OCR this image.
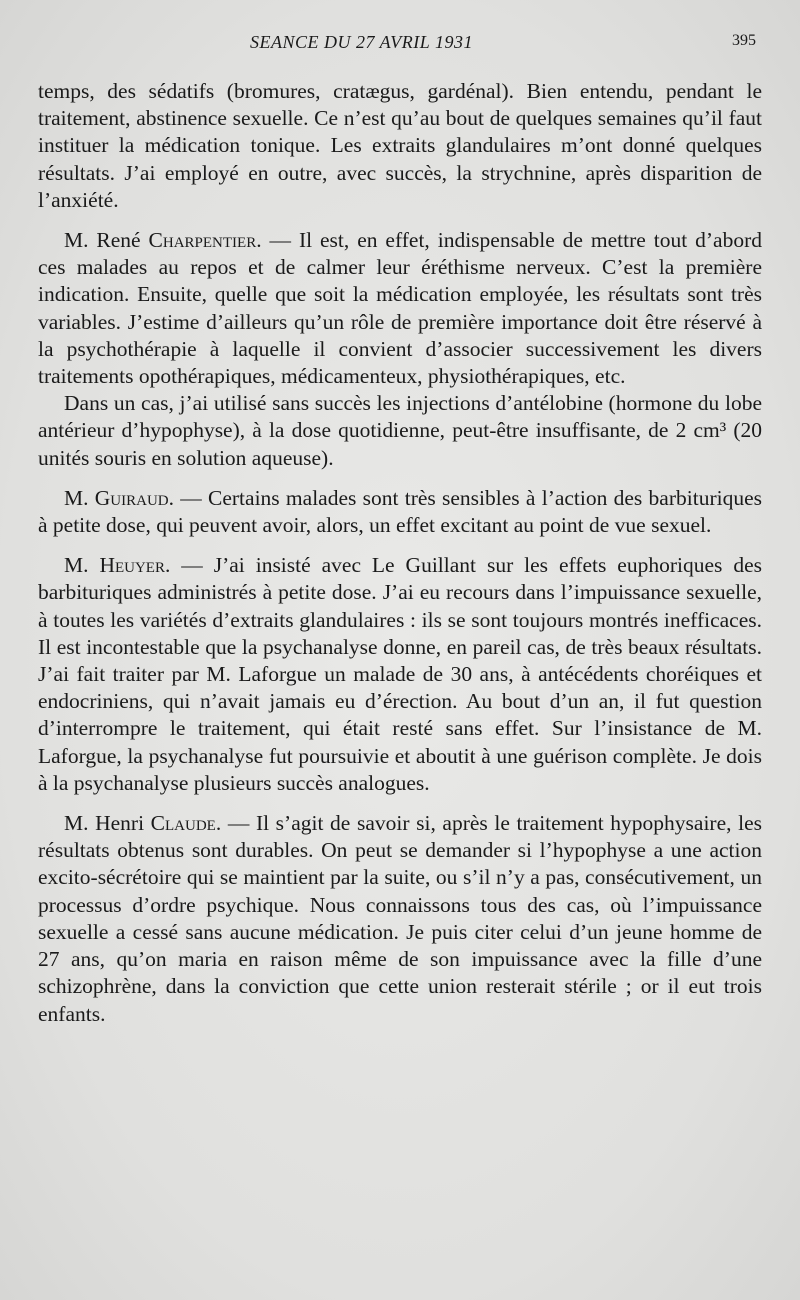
SEANCE DU 27 AVRIL 1931	395

temps, des sédatifs (bromures, cratægus, gardénal). Bien entendu, pendant le traitement, abstinence sexuelle. Ce n’est qu’au bout de quelques semaines qu’il faut instituer la médication tonique. Les extraits glandulaires m’ont donné quelques résultats. J’ai employé en outre, avec succès, la strychnine, après disparition de l’anxiété.

M. René Charpentier. — Il est, en effet, indispensable de mettre tout d’abord ces malades au repos et de calmer leur éréthisme nerveux. C’est la première indication. Ensuite, quelle que soit la médication employée, les résultats sont très variables. J’estime d’ailleurs qu’un rôle de première importance doit être réservé à la psychothérapie à laquelle il convient d’associer successivement les divers traitements opothérapiques, médicamenteux, physiothérapiques, etc.

Dans un cas, j’ai utilisé sans succès les injections d’antélobine (hormone du lobe antérieur d’hypophyse), à la dose quotidienne, peut-être insuffisante, de 2 cm³ (20 unités souris en solution aqueuse).

M. Guiraud. — Certains malades sont très sensibles à l’action des barbituriques à petite dose, qui peuvent avoir, alors, un effet excitant au point de vue sexuel.

M. Heuyer. — J’ai insisté avec Le Guillant sur les effets euphoriques des barbituriques administrés à petite dose. J’ai eu recours dans l’impuissance sexuelle, à toutes les variétés d’extraits glandulaires : ils se sont toujours montrés inefficaces. Il est incontestable que la psychanalyse donne, en pareil cas, de très beaux résultats. J’ai fait traiter par M. Laforgue un malade de 30 ans, à antécédents choréiques et endocriniens, qui n’avait jamais eu d’érection. Au bout d’un an, il fut question d’interrompre le traitement, qui était resté sans effet. Sur l’insistance de M. Laforgue, la psychanalyse fut poursuivie et aboutit à une guérison complète. Je dois à la psychanalyse plusieurs succès analogues.

M. Henri Claude. — Il s’agit de savoir si, après le traitement hypophysaire, les résultats obtenus sont durables. On peut se demander si l’hypophyse a une action excito-sécrétoire qui se maintient par la suite, ou s’il n’y a pas, consécutivement, un processus d’ordre psychique. Nous connaissons tous des cas, où l’impuissance sexuelle a cessé sans aucune médication. Je puis citer celui d’un jeune homme de 27 ans, qu’on maria en raison même de son impuissance avec la fille d’une schizophrène, dans la conviction que cette union resterait stérile ; or il eut trois enfants.
